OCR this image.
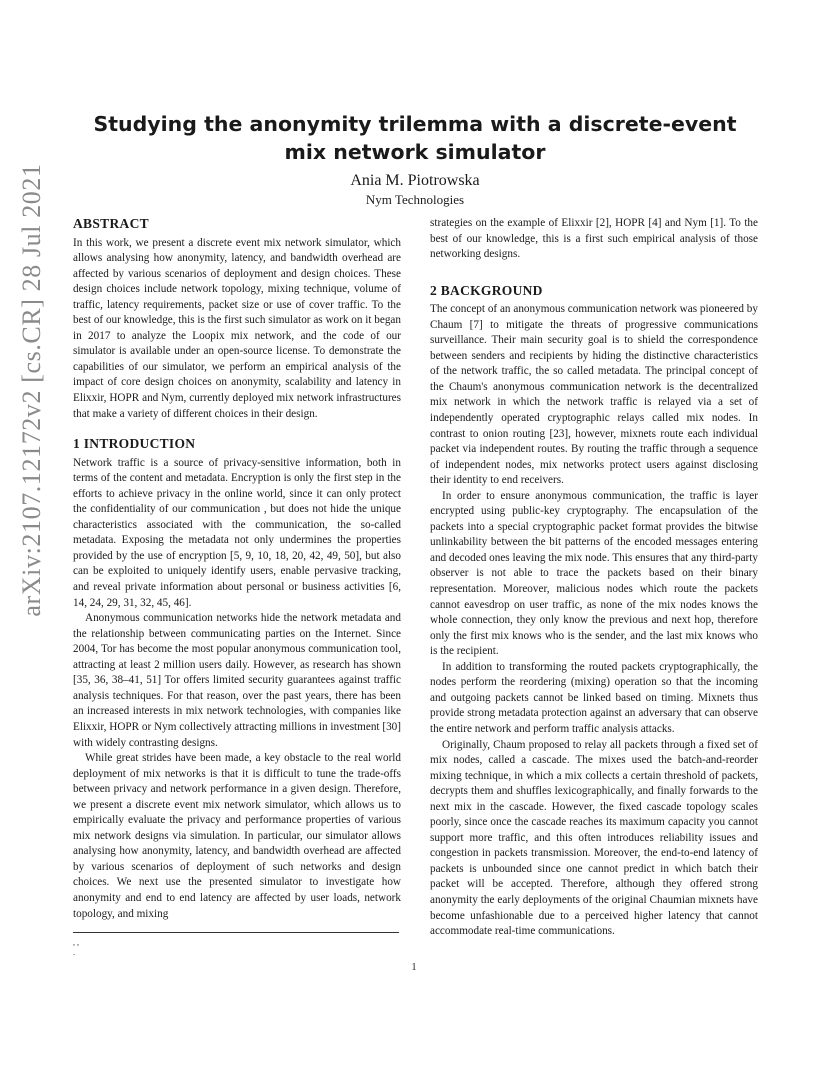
arXiv:2107.12172v2 [cs.CR] 28 Jul 2021
Studying the anonymity trilemma with a discrete-event mix network simulator
Ania M. Piotrowska
Nym Technologies
ABSTRACT

In this work, we present a discrete event mix network simulator, which allows analysing how anonymity, latency, and bandwidth overhead are affected by various scenarios of deployment and design choices. These design choices include network topology, mixing technique, volume of traffic, latency requirements, packet size or use of cover traffic. To the best of our knowledge, this is the first such simulator as work on it began in 2017 to analyze the Loopix mix network, and the code of our simulator is available under an open-source license. To demonstrate the capabilities of our simulator, we perform an empirical analysis of the impact of core design choices on anonymity, scalability and latency in Elixxir, HOPR and Nym, currently deployed mix network infrastructures that make a variety of different choices in their design.

1 INTRODUCTION

Network traffic is a source of privacy-sensitive information, both in terms of the content and metadata. Encryption is only the first step in the efforts to achieve privacy in the online world, since it can only protect the confidentiality of our communication , but does not hide the unique characteristics associated with the communication, the so-called metadata. Exposing the metadata not only undermines the properties provided by the use of encryption [5, 9, 10, 18, 20, 42, 49, 50], but also can be exploited to uniquely identify users, enable pervasive tracking, and reveal private information about personal or business activities [6, 14, 24, 29, 31, 32, 45, 46].

Anonymous communication networks hide the network metadata and the relationship between communicating parties on the Internet. Since 2004, Tor has become the most popular anonymous communication tool, attracting at least 2 million users daily. However, as research has shown [35, 36, 38–41, 51] Tor offers limited security guarantees against traffic analysis techniques. For that reason, over the past years, there has been an increased interests in mix network technologies, with companies like Elixxir, HOPR or Nym collectively attracting millions in investment [30] with widely contrasting designs.

While great strides have been made, a key obstacle to the real world deployment of mix networks is that it is difficult to tune the trade-offs between privacy and network performance in a given design. Therefore, we present a discrete event mix network simulator, which allows us to empirically evaluate the privacy and performance properties of various mix network designs via simulation. In particular, our simulator allows analysing how anonymity, latency, and bandwidth overhead are affected by various scenarios of deployment of such networks and design choices. We next use the presented simulator to investigate how anonymity and end to end latency are affected by user loads, network topology, and mixing

strategies on the example of Elixxir [2], HOPR [4] and Nym [1]. To the best of our knowledge, this is a first such empirical analysis of those networking designs.

2 BACKGROUND

The concept of an anonymous communication network was pioneered by Chaum [7] to mitigate the threats of progressive communications surveillance. Their main security goal is to shield the correspondence between senders and recipients by hiding the distinctive characteristics of the network traffic, the so called metadata. The principal concept of the Chaum's anonymous communication network is the decentralized mix network in which the network traffic is relayed via a set of independently operated cryptographic relays called mix nodes. In contrast to onion routing [23], however, mixnets route each individual packet via independent routes. By routing the traffic through a sequence of independent nodes, mix networks protect users against disclosing their identity to end receivers.

In order to ensure anonymous communication, the traffic is layer encrypted using public-key cryptography. The encapsulation of the packets into a special cryptographic packet format provides the bitwise unlinkability between the bit patterns of the encoded messages entering and decoded ones leaving the mix node. This ensures that any third-party observer is not able to trace the packets based on their binary representation. Moreover, malicious nodes which route the packets cannot eavesdrop on user traffic, as none of the mix nodes knows the whole connection, they only know the previous and next hop, therefore only the first mix knows who is the sender, and the last mix knows who is the recipient.

In addition to transforming the routed packets cryptographically, the nodes perform the reordering (mixing) operation so that the incoming and outgoing packets cannot be linked based on timing. Mixnets thus provide strong metadata protection against an adversary that can observe the entire network and perform traffic analysis attacks.

Originally, Chaum proposed to relay all packets through a fixed set of mix nodes, called a cascade. The mixes used the batch-and-reorder mixing technique, in which a mix collects a certain threshold of packets, decrypts them and shuffles lexicographically, and finally forwards to the next mix in the cascade. However, the fixed cascade topology scales poorly, since once the cascade reaches its maximum capacity you cannot support more traffic, and this often introduces reliability issues and congestion in packets transmission. Moreover, the end-to-end latency of packets is unbounded since one cannot predict in which batch their packet will be accepted. Therefore, although they offered strong anonymity the early deployments of the original Chaumian mixnets have become unfashionable due to a perceived higher latency that cannot accommodate real-time communications.

, ,
.
1
